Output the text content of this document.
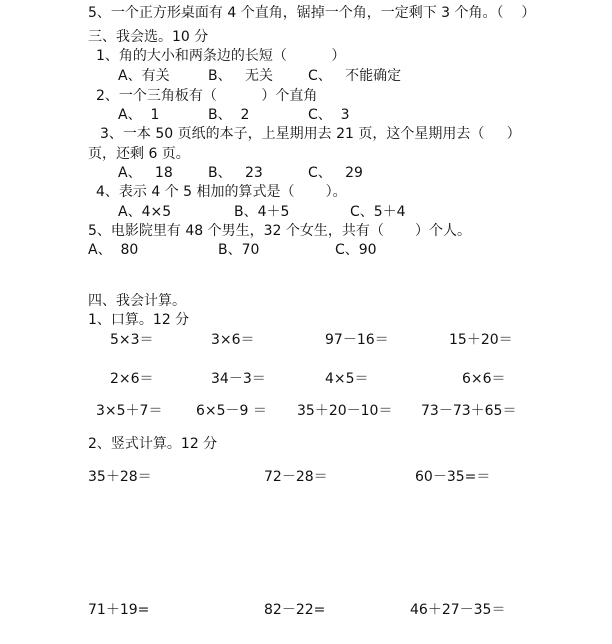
5、一个正方形桌面有 4 个直角，锯掉一个角，一定剩下 3 个角。（    ）
三、我会选。10 分
1、角的大小和两条边的长短（          ）
A、有关	B、   无关	C、   不能确定
2、一个三角板有（          ）个直角
A、  1	B、  2	C、  3
3、一本 50 页纸的本子，上星期用去 21 页，这个星期用去（     ）
页，还剩 6 页。
A、   18	B、   23	C、   29
4、表示 4 个 5 相加的算式是（       ）。
A、4×5	B、4＋5	C、5＋4
5、电影院里有 48 个男生，32 个女生，共有（       ）个人。
A、  80	B、70	C、90
四、我会计算。
1、口算。12 分
5×3＝	3×6＝	97－16＝	15＋20＝
2×6＝	34－3＝	4×5＝	6×6＝
3×5＋7＝ 6×5－9 ＝ 35＋20－10＝ 73－73＋65＝
2、竖式计算。12 分
35＋28＝	72－28＝	60－35=＝
71＋19=	82－22=	46＋27－35＝
